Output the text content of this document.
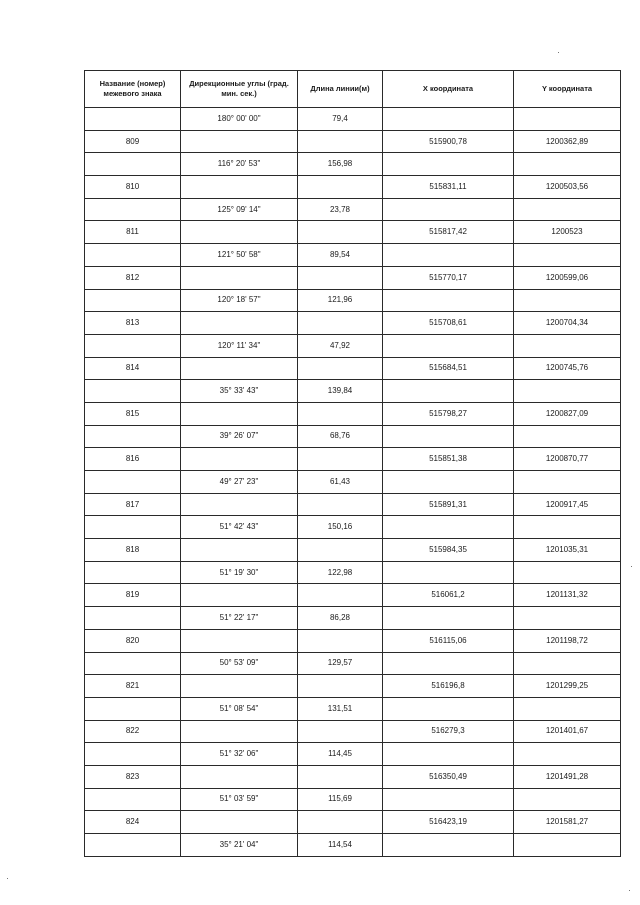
Название (номер) межевого знака	Дирекционные углы (град. мин. сек.)	Длина линии(м)	X координата	Y координата
	180° 00' 00"	79,4		
809			515900,78	1200362,89
	116° 20' 53"	156,98		
810			515831,11	1200503,56
	125° 09' 14"	23,78		
811			515817,42	1200523
	121° 50' 58"	89,54		
812			515770,17	1200599,06
	120° 18' 57"	121,96		
813			515708,61	1200704,34
	120° 11' 34"	47,92		
814			515684,51	1200745,76
	35° 33' 43"	139,84		
815			515798,27	1200827,09
	39° 26' 07"	68,76		
816			515851,38	1200870,77
	49° 27' 23"	61,43		
817			515891,31	1200917,45
	51° 42' 43"	150,16		
818			515984,35	1201035,31
	51° 19' 30"	122,98		
819			516061,2	1201131,32
	51° 22' 17"	86,28		
820			516115,06	1201198,72
	50° 53' 09"	129,57		
821			516196,8	1201299,25
	51° 08' 54"	131,51		
822			516279,3	1201401,67
	51° 32' 06"	114,45		
823			516350,49	1201491,28
	51° 03' 59"	115,69		
824			516423,19	1201581,27
	35° 21' 04"	114,54		
